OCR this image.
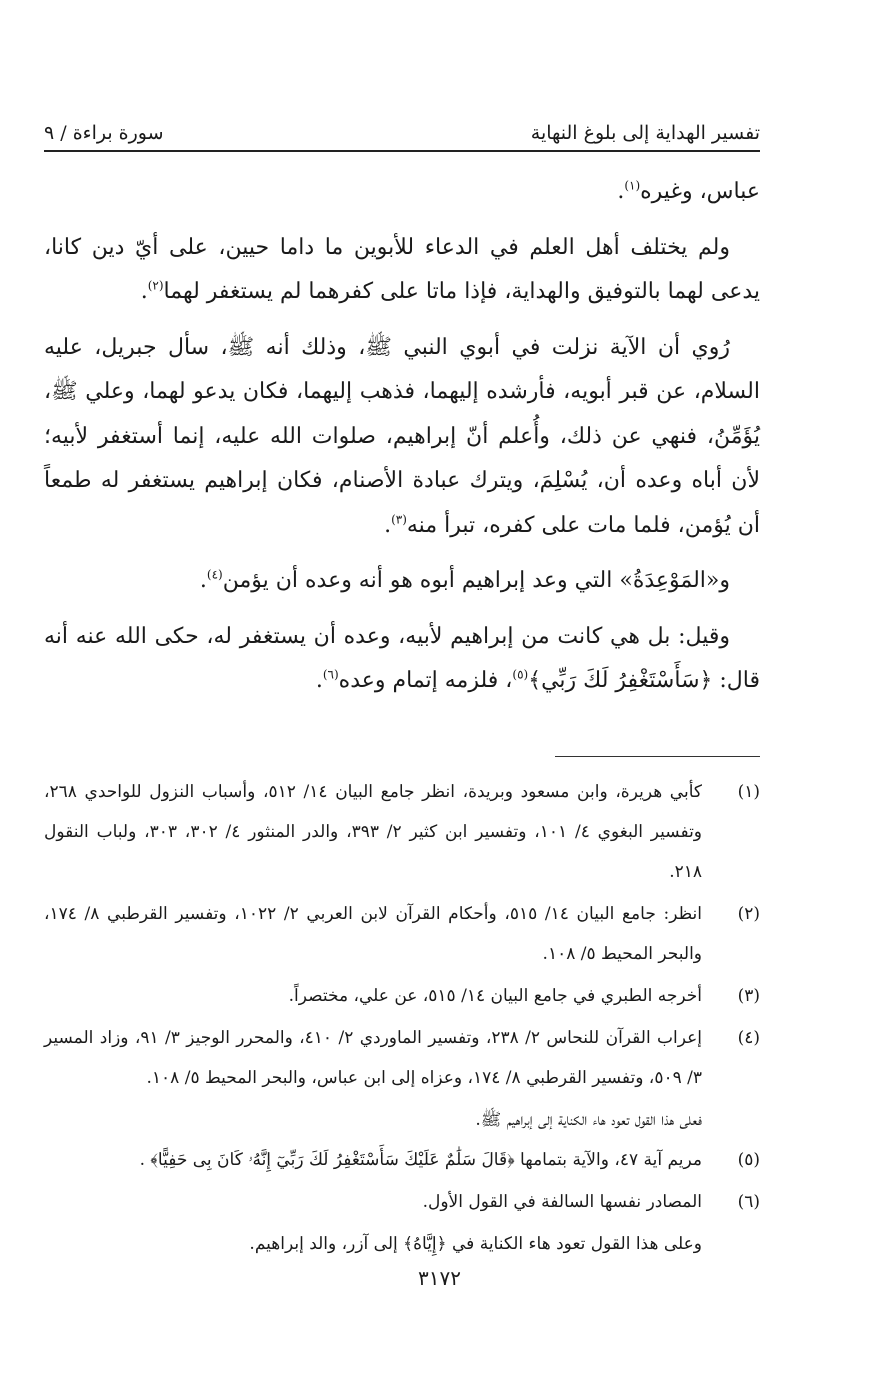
تفسير الهداية إلى بلوغ النهاية
سورة براءة / ٩

عباس، وغيره$^{(١)}$.

ولم يختلف أهل العلم في الدعاء للأبوين ما داما حيين، على أيّ دين كانا، يدعى لهما بالتوفيق والهداية، فإذا ماتا على كفرهما لم يستغفر لهما$^{(٢)}$.

رُوي أن الآية نزلت في أبوي النبي ﷺ، وذلك أنه ﷺ، سأل جبريل، عليه السلام، عن قبر أبويه، فأرشده إليهما، فذهب إليهما، فكان يدعو لهما، وعلي ﷺ، يُؤَمِّنُ، فنهي عن ذلك، وأُعلم أنّ إبراهيم، صلوات الله عليه، إنما أستغفر لأبيه؛ لأن أباه وعده أن، يُسْلِمَ، ويترك عبادة الأصنام، فكان إبراهيم يستغفر له طمعاً أن يُؤمن، فلما مات على كفره، تبرأ منه$^{(٣)}$.

و«المَوْعِدَةُ» التي وعد إبراهيم أبوه هو أنه وعده أن يؤمن$^{(٤)}$.

وقيل: بل هي كانت من إبراهيم لأبيه، وعده أن يستغفر له، حكى الله عنه أنه قال: ﴿سَأَسْتَغْفِرُ لَكَ رَبِّي﴾$^{(٥)}$، فلزمه إتمام وعده$^{(٦)}$.

(١)
كأبي هريرة، وابن مسعود وبريدة، انظر جامع البيان ١٤/ ٥١٢، وأسباب النزول للواحدي ٢٦٨، وتفسير البغوي ٤/ ١٠١، وتفسير ابن كثير ٢/ ٣٩٣، والدر المنثور ٤/ ٣٠٢، ٣٠٣، ولباب النقول ٢١٨.
(٢)
انظر: جامع البيان ١٤/ ٥١٥، وأحكام القرآن لابن العربي ٢/ ١٠٢٢، وتفسير القرطبي ٨/ ١٧٤، والبحر المحيط ٥/ ١٠٨.
(٣)
أخرجه الطبري في جامع البيان ١٤/ ٥١٥، عن علي، مختصراً.
(٤)
إعراب القرآن للنحاس ٢/ ٢٣٨، وتفسير الماوردي ٢/ ٤١٠، والمحرر الوجيز ٣/ ٩١، وزاد المسير ٣/ ٥٠٩، وتفسير القرطبي ٨/ ١٧٤، وعزاه إلى ابن عباس، والبحر المحيط ٥/ ١٠٨.
فعلى هذا القول تعود هاء الكناية إلى إبراهيم ﷺ.
(٥)
مريم آية ٤٧، والآية بتمامها ﴿قَالَ سَلَٰمٌ عَلَيْكَ سَأَسْتَغْفِرُ لَكَ رَبِّيٓ إِنَّهُۥ كَانَ بِى حَفِيًّا﴾ .
(٦)
المصادر نفسها السالفة في القول الأول.
وعلى هذا القول تعود هاء الكناية في ﴿إِيَّاهُ﴾ إلى آزر، والد إبراهيم.
٣١٧٢
